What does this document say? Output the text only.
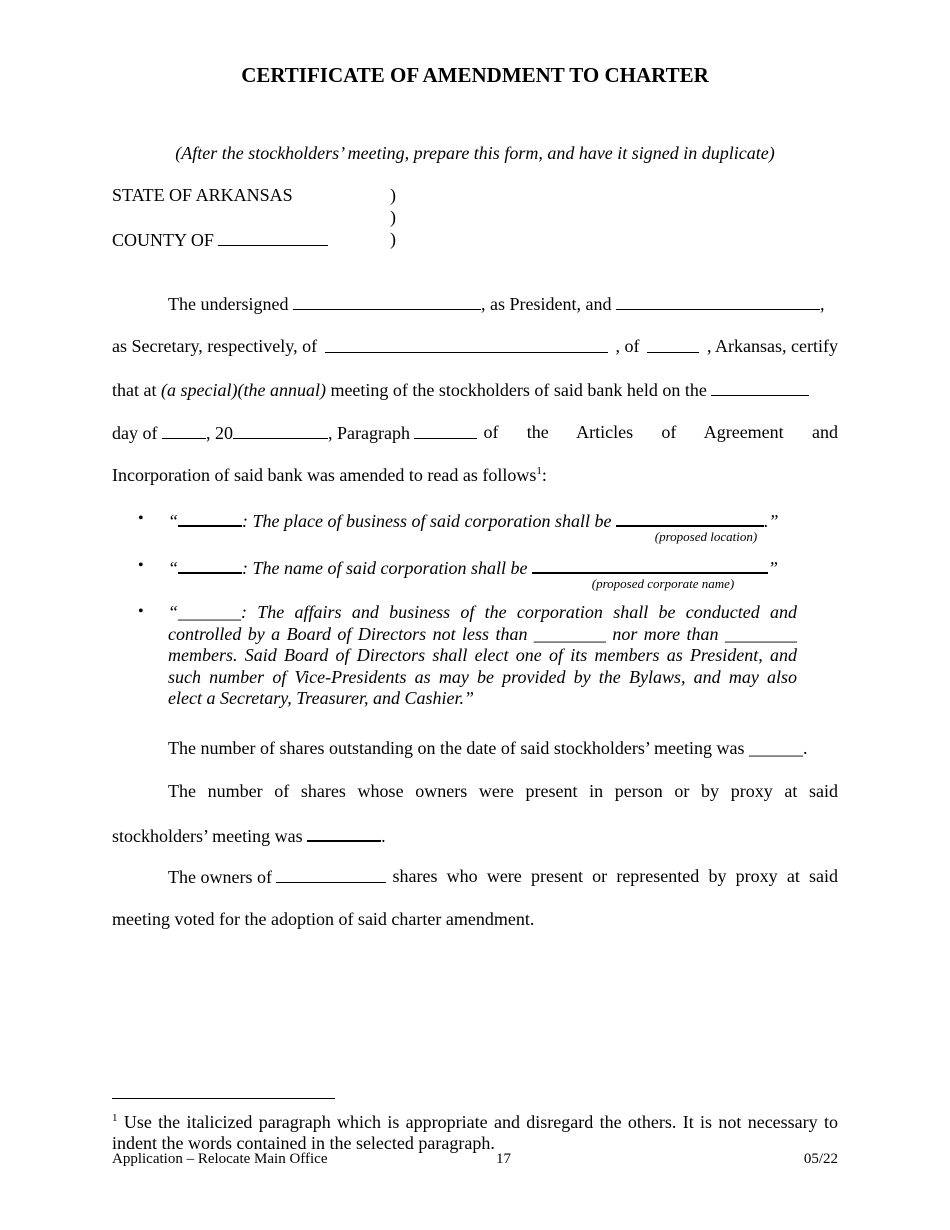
CERTIFICATE OF AMENDMENT TO CHARTER
(After the stockholders’ meeting, prepare this form, and have it signed in duplicate)
STATE OF ARKANSAS	)
)
COUNTY OF	)
The undersigned	, as President, and	,
as Secretary, respectively, of	, of	, Arkansas, certify
that at (a special)(the annual) meeting of the stockholders of said bank held on the
day of	, 20	, Paragraph	of the Articles of Agreement and
Incorporation of said bank was amended to read as follows$^1$:
• “	: The place of business of said corporation shall be	.”
(proposed location)
• “	: The name of said corporation shall be	”
(proposed corporate name)
• “_______: The affairs and business of the corporation shall be conducted and
controlled by a Board of Directors not less than ________ nor more than ________
members. Said Board of Directors shall elect one of its members as President, and
such number of Vice-Presidents as may be provided by the Bylaws, and may also
elect a Secretary, Treasurer, and Cashier.”
The number of shares outstanding on the date of said stockholders’ meeting was ______.
The number of shares whose owners were present in person or by proxy at said
stockholders’ meeting was	.
The owners of	shares who were present or represented by proxy at said
meeting voted for the adoption of said charter amendment.
$^1$ Use the italicized paragraph which is appropriate and disregard the others. It is not necessary to indent the words contained in the selected paragraph.
Application – Relocate Main Office	17	05/22
